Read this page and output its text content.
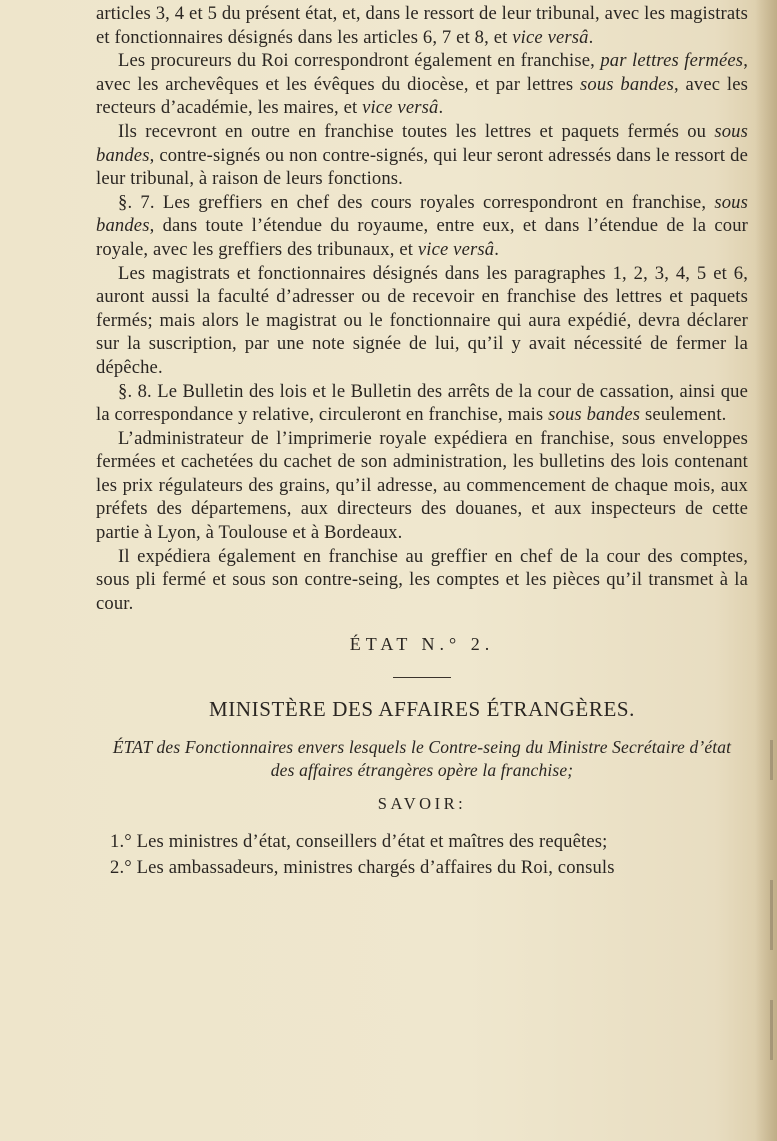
articles 3, 4 et 5 du présent état, et, dans le ressort de leur tribunal, avec les magistrats et fonctionnaires désignés dans les articles 6, 7 et 8, et vice versâ.

Les procureurs du Roi correspondront également en franchise, par lettres fermées, avec les archevêques et les évêques du diocèse, et par lettres sous bandes, avec les recteurs d’académie, les maires, et vice versâ.

Ils recevront en outre en franchise toutes les lettres et paquets fermés ou sous bandes, contre-signés ou non contre-signés, qui leur seront adressés dans le ressort de leur tribunal, à raison de leurs fonctions.

§. 7. Les greffiers en chef des cours royales correspondront en franchise, sous bandes, dans toute l’étendue du royaume, entre eux, et dans l’étendue de la cour royale, avec les greffiers des tribunaux, et vice versâ.

Les magistrats et fonctionnaires désignés dans les paragraphes 1, 2, 3, 4, 5 et 6, auront aussi la faculté d’adresser ou de recevoir en franchise des lettres et paquets fermés; mais alors le magistrat ou le fonctionnaire qui aura expédié, devra déclarer sur la suscription, par une note signée de lui, qu’il y avait nécessité de fermer la dépêche.

§. 8. Le Bulletin des lois et le Bulletin des arrêts de la cour de cassation, ainsi que la correspondance y relative, circuleront en franchise, mais sous bandes seulement.

L’administrateur de l’imprimerie royale expédiera en franchise, sous enveloppes fermées et cachetées du cachet de son administration, les bulletins des lois contenant les prix régulateurs des grains, qu’il adresse, au commencement de chaque mois, aux préfets des départemens, aux directeurs des douanes, et aux inspecteurs de cette partie à Lyon, à Toulouse et à Bordeaux.

Il expédiera également en franchise au greffier en chef de la cour des comptes, sous pli fermé et sous son contre-seing, les comptes et les pièces qu’il transmet à la cour.

ÉTAT N.° 2.
MINISTÈRE DES AFFAIRES ÉTRANGÈRES.
ÉTAT des Fonctionnaires envers lesquels le Contre-seing du Ministre Secrétaire d’état des affaires étrangères opère la franchise;
SAVOIR:

1.° Les ministres d’état, conseillers d’état et maîtres des requêtes;

2.° Les ambassadeurs, ministres chargés d’affaires du Roi, consuls
